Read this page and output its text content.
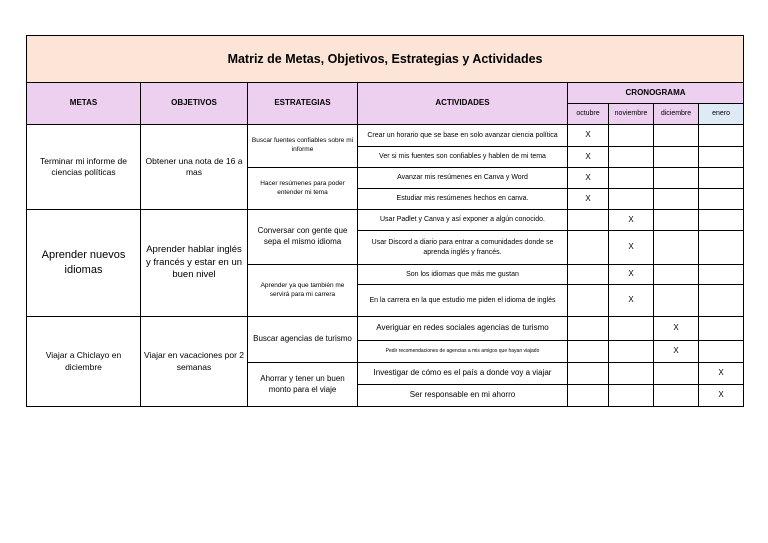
Matriz de Metas, Objetivos, Estrategias y Actividades							
METAS	OBJETIVOS	ESTRATEGIAS	ACTIVIDADES	CRONOGRAMA			
				octubre	noviembre	diciembre	enero
Terminar mi informe de ciencias políticas	Obtener una nota de 16 a mas	Buscar fuentes confiables sobre mi informe	Crear un horario que se base en solo avanzar ciencia política	X			
			Ver si mis fuentes son confiables y hablen de mi tema	X			
		Hacer resúmenes para poder entender mi tema	Avanzar mis resúmenes en Canva y Word	X			
			Estudiar mis resúmenes hechos en canva.	X			
Aprender nuevos idiomas	Aprender hablar inglés y francés y estar en un buen nivel	Conversar con gente que sepa el mismo idioma	Usar Padlet y Canva y así exponer a algún conocido.		X		
			Usar Discord a diario para entrar a comunidades donde se aprenda inglés y francés.		X		
		Aprender ya que también me servirá para mi carrera	Son los idiomas que más me gustan		X		
			En la carrera en la que estudio me piden el idioma de inglés		X		
Viajar a Chiclayo en diciembre	Viajar en vacaciones por 2 semanas	Buscar agencias de turismo	Averiguar en redes sociales agencias de turismo			X	
			Pedir recomendaciones de agencias a mis amigos que hayan viajado			X	
		Ahorrar y tener un buen monto para el viaje	Investigar de cómo es el país a donde voy a viajar				X
			Ser responsable en mi ahorro				X
